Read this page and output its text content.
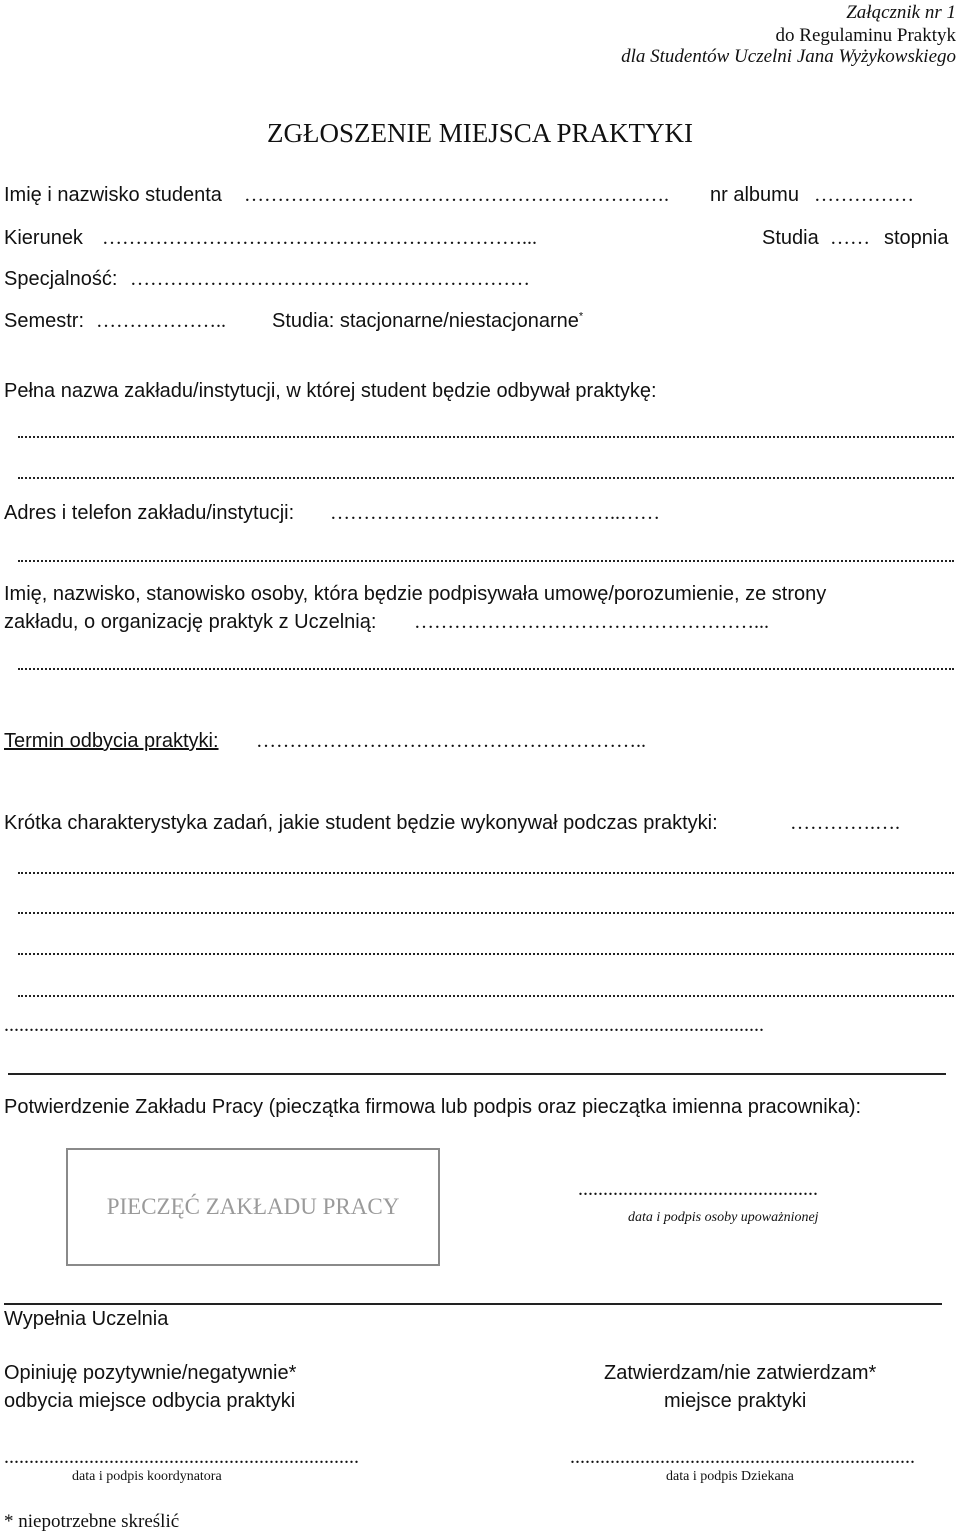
Załącznik nr 1
do Regulaminu Praktyk
dla Studentów Uczelni Jana Wyżykowskiego
ZGŁOSZENIE MIEJSCA PRAKTYKI
Imię i nazwisko studenta ………………………………………………………. nr albumu ……………
Kierunek ………………………………………………………...	Studia …… stopnia
Specjalność: ……………………………………………………
Semestr: ……………….. Studia: stacjonarne/niestacjonarne*
Pełna nazwa zakładu/instytucji, w której student będzie odbywał praktykę:
Adres i telefon zakładu/instytucji: ……………………………………..……
Imię, nazwisko, stanowisko osoby, która będzie podpisywała umowę/porozumienie, ze strony
zakładu, o organizację praktyk z Uczelnią: ……………………………………………...
Termin odbycia praktyki: …………………………………………………..
Krótka charakterystyka zadań, jakie student będzie wykonywał podczas praktyki:	………….….
........................................................................................................................................................
Potwierdzenie Zakładu Pracy (pieczątka firmowa lub podpis oraz pieczątka imienna pracownika):
PIECZĘĆ ZAKŁADU PRACY
................................................
data i podpis osoby upoważnionej
Wypełnia Uczelnia
Opiniuję pozytywnie/negatywnie*
odbycia miejsce odbycia praktyki
Zatwierdzam/nie zatwierdzam*
miejsce praktyki
.......................................................................
data i podpis koordynatora
.....................................................................
data i podpis Dziekana
* niepotrzebne skreślić
